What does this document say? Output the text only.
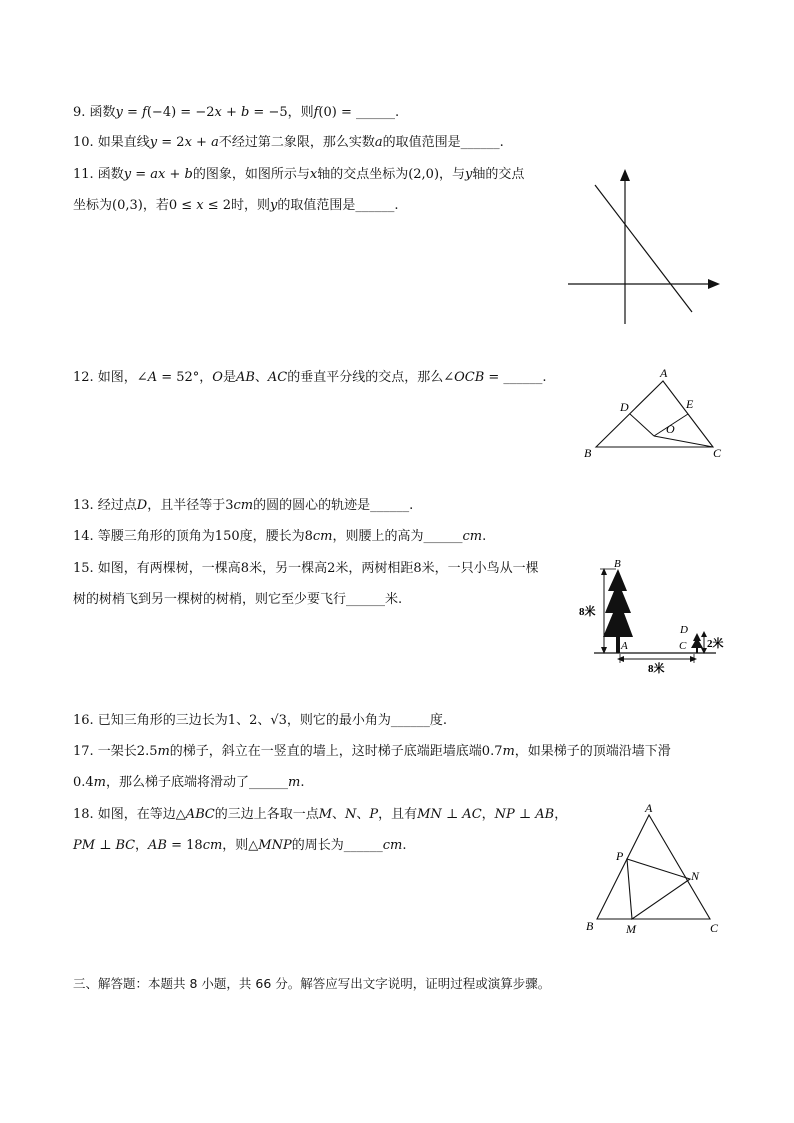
9. 函数𝑦 = 𝑓(−4) = −2𝑥 + 𝑏 = −5，则𝑓(0) = ______.
10. 如果直线𝑦 = 2𝑥 + 𝑎不经过第二象限，那么实数𝑎的取值范围是______.
11. 函数𝑦 = 𝑎𝑥 + 𝑏的图象，如图所示与𝑥轴的交点坐标为(2,0)，与𝑦轴的交点
坐标为(0,3)，若0 ≤ 𝑥 ≤ 2时，则𝑦的取值范围是______.
12. 如图，∠𝐴 = 52°，𝑂是𝐴𝐵、𝐴𝐶的垂直平分线的交点，那么∠𝑂𝐶𝐵 = ______.
13. 经过点𝐷，且半径等于3𝑐𝑚的圆的圆心的轨迹是______.
14. 等腰三角形的顶角为150度，腰长为8𝑐𝑚，则腰上的高为______𝑐𝑚.
15. 如图，有两棵树，一棵高8米，另一棵高2米，两树相距8米，一只小鸟从一棵
树的树梢飞到另一棵树的树梢，则它至少要飞行______米.
16. 已知三角形的三边长为1、2、√3，则它的最小角为______度.
17. 一架长2.5𝑚的梯子，斜立在一竖直的墙上，这时梯子底端距墙底端0.7𝑚，如果梯子的顶端沿墙下滑
0.4𝑚，那么梯子底端将滑动了______𝑚.
18. 如图，在等边△𝐴𝐵𝐶的三边上各取一点𝑀、𝑁、𝑃，且有𝑀𝑁 ⊥ 𝐴𝐶，𝑁𝑃 ⊥ 𝐴𝐵，
𝑃𝑀 ⊥ 𝐵𝐶，𝐴𝐵 = 18𝑐𝑚，则△𝑀𝑁𝑃的周长为______𝑐𝑚.
三、解答题：本题共 8 小题，共 66 分。解答应写出文字说明，证明过程或演算步骤。
A
B	C
D	E
O
B
A
D
C
8米
2米
8米
A
B	C
M
N
P
